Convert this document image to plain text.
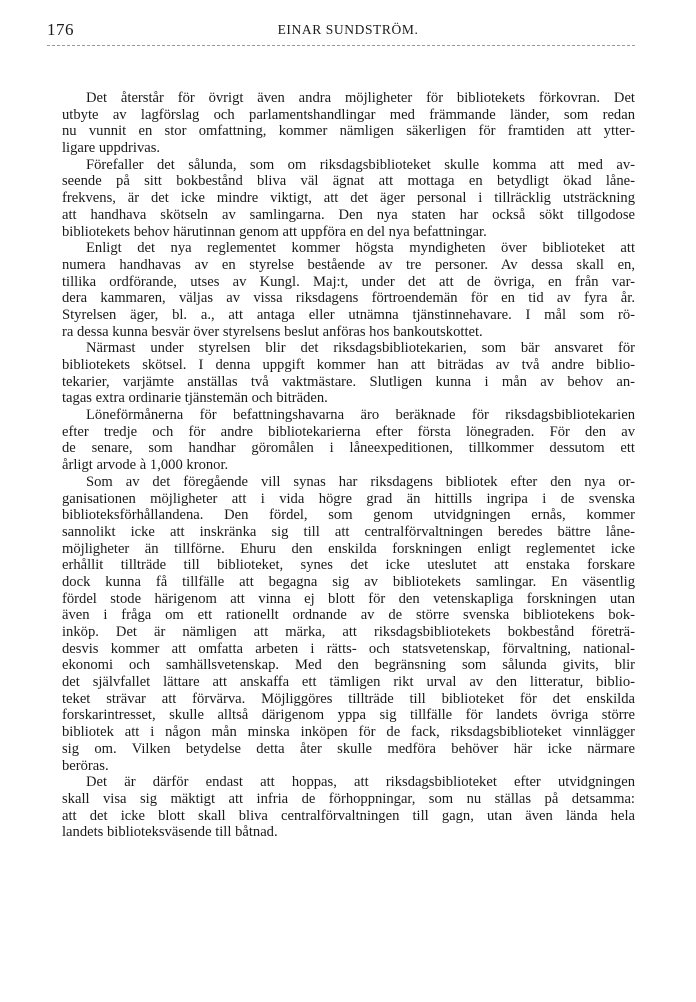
176	EINAR SUNDSTRÖM.
Det återstår för övrigt även andra möjligheter för bibliotekets förkovran. Det
utbyte av lagförslag och parlamentshandlingar med främmande länder, som redan
nu vunnit en stor omfattning, kommer nämligen säkerligen för framtiden att ytter-
ligare uppdrivas.
Förefaller det sålunda, som om riksdagsbiblioteket skulle komma att med av-
seende på sitt bokbestånd bliva väl ägnat att mottaga en betydligt ökad låne-
frekvens, är det icke mindre viktigt, att det äger personal i tillräcklig utsträckning
att handhava skötseln av samlingarna. Den nya staten har också sökt tillgodose
bibliotekets behov härutinnan genom att uppföra en del nya befattningar.
Enligt det nya reglementet kommer högsta myndigheten över biblioteket att
numera handhavas av en styrelse bestående av tre personer. Av dessa skall en,
tillika ordförande, utses av Kungl. Maj:t, under det att de övriga, en från var-
dera kammaren, väljas av vissa riksdagens förtroendemän för en tid av fyra år.
Styrelsen äger, bl. a., att antaga eller utnämna tjänstinnehavare. I mål som rö-
ra dessa kunna besvär över styrelsens beslut anföras hos bankoutskottet.
Närmast under styrelsen blir det riksdagsbibliotekarien, som bär ansvaret för
bibliotekets skötsel. I denna uppgift kommer han att biträdas av två andre biblio-
tekarier, varjämte anställas två vaktmästare. Slutligen kunna i mån av behov an-
tagas extra ordinarie tjänstemän och biträden.
Löneförmånerna för befattningshavarna äro beräknade för riksdagsbibliotekarien
efter tredje och för andre bibliotekarierna efter första lönegraden. För den av
de senare, som handhar göromålen i låneexpeditionen, tillkommer dessutom ett
årligt arvode à 1,000 kronor.
Som av det föregående vill synas har riksdagens bibliotek efter den nya or-
ganisationen möjligheter att i vida högre grad än hittills ingripa i de svenska
biblioteksförhållandena. Den fördel, som genom utvidgningen ernås, kommer
sannolikt icke att inskränka sig till att centralförvaltningen beredes bättre låne-
möjligheter än tillförne. Ehuru den enskilda forskningen enligt reglementet icke
erhållit tillträde till biblioteket, synes det icke uteslutet att enstaka forskare
dock kunna få tillfälle att begagna sig av bibliotekets samlingar. En väsentlig
fördel stode härigenom att vinna ej blott för den vetenskapliga forskningen utan
även i fråga om ett rationellt ordnande av de större svenska bibliotekens bok-
inköp. Det är nämligen att märka, att riksdagsbibliotekets bokbestånd företrä-
desvis kommer att omfatta arbeten i rätts- och statsvetenskap, förvaltning, national-
ekonomi och samhällsvetenskap. Med den begränsning som sålunda givits, blir
det självfallet lättare att anskaffa ett tämligen rikt urval av den litteratur, biblio-
teket strävar att förvärva. Möjliggöres tillträde till biblioteket för det enskilda
forskarintresset, skulle alltså därigenom yppa sig tillfälle för landets övriga större
bibliotek att i någon mån minska inköpen för de fack, riksdagsbiblioteket vinnlägger
sig om. Vilken betydelse detta åter skulle medföra behöver här icke närmare
beröras.
Det är därför endast att hoppas, att riksdagsbiblioteket efter utvidgningen
skall visa sig mäktigt att infria de förhoppningar, som nu ställas på detsamma:
att det icke blott skall bliva centralförvaltningen till gagn, utan även lända hela
landets biblioteksväsende till båtnad.
